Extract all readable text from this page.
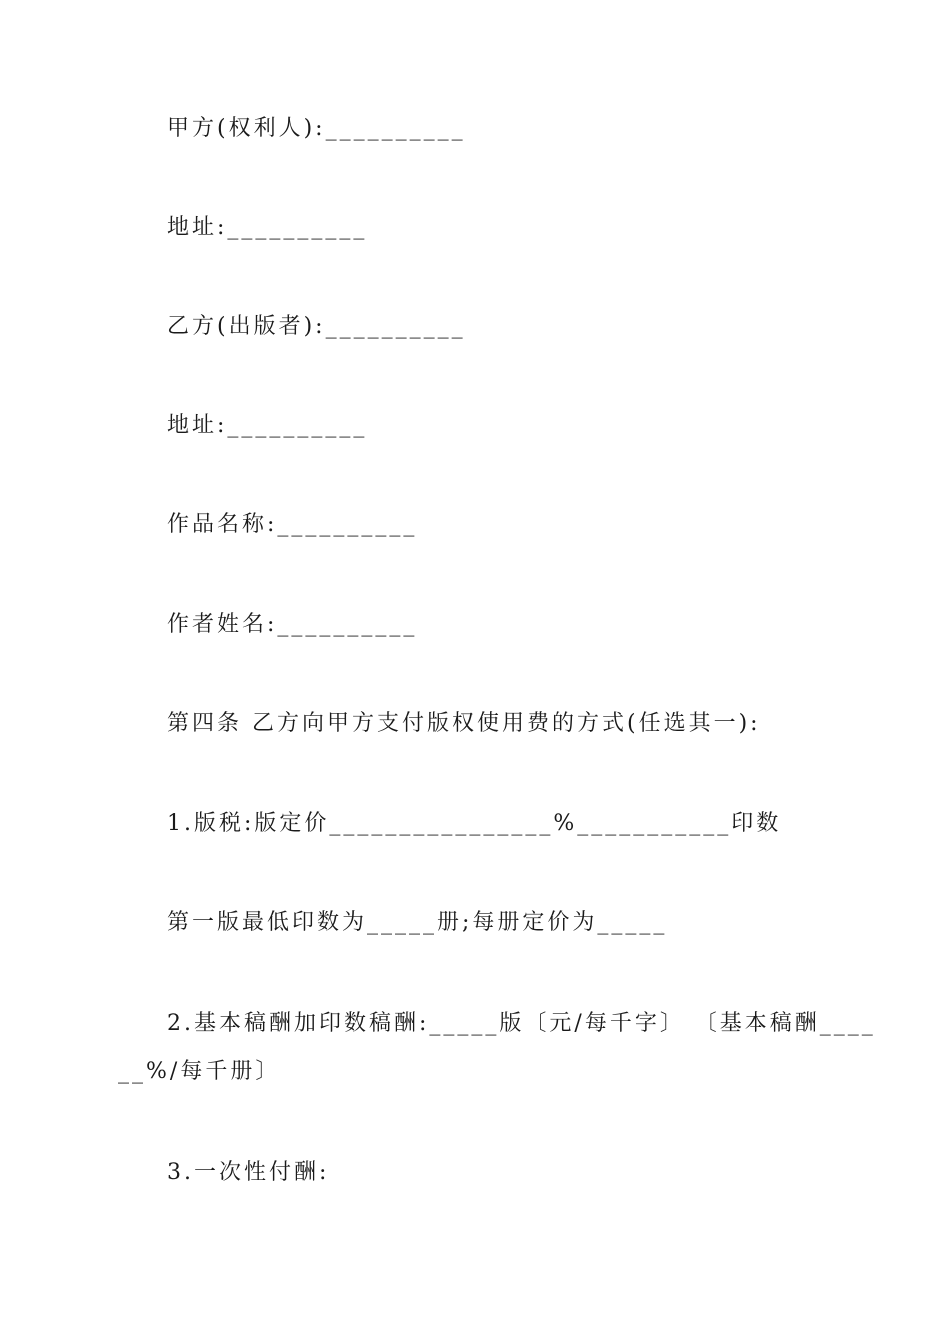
甲方(权利人):__________
地址:__________
乙方(出版者):__________
地址:__________
作品名称:__________
作者姓名:__________
第四条 乙方向甲方支付版权使用费的方式(任选其一):
1.版税:版定价________________%___________印数
第一版最低印数为_____册;每册定价为_____
2.基本稿酬加印数稿酬:_____版〔元/每千字〕 〔基本稿酬____
__%/每千册〕
3.一次性付酬:
